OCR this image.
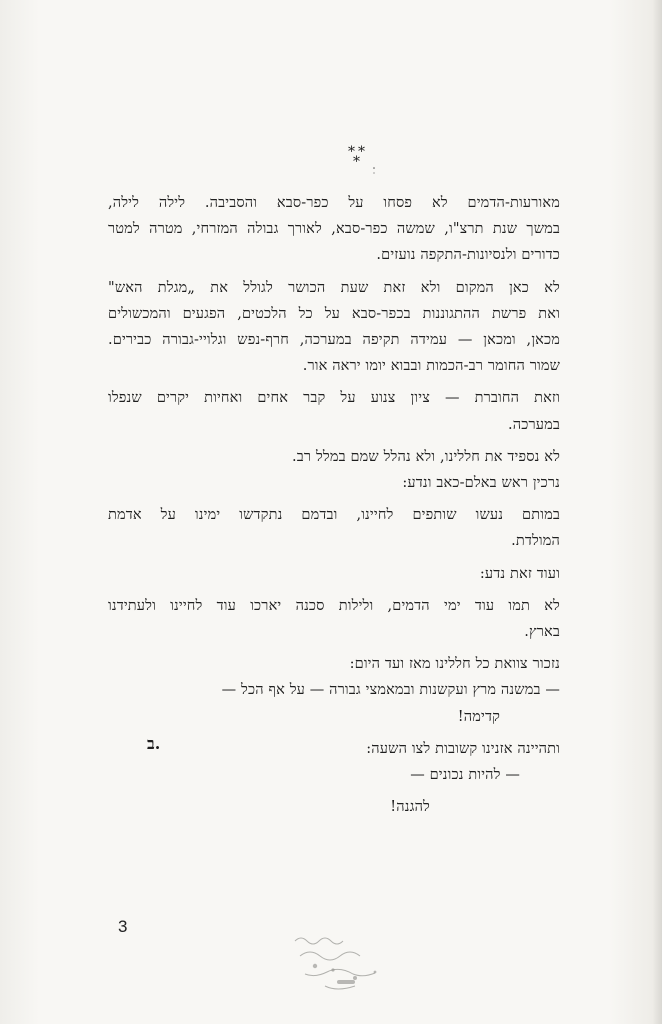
* *
*

מאורעות-הדמים לא פסחו על כפר-סבא והסביבה. לילה לילה,
במשך שנת תרצ"ו, שמשה כפר-סבא, לאורך גבולה המזרחי, מטרה למטר
כדורים ולנסיונות-התקפה נועזים.

לא כאן המקום ולא זאת שעת הכושר לגולל את „מגלת האש"
ואת פרשת ההתגוננות בכפר-סבא על כל הלכטים, הפגעים והמכשולים
מכאן, ומכאן — עמידה תקיפה במערכה, חרף-נפש וגלויי-גבורה כבירים.
שמור החומר רב-הכמות ובבוא יומו יראה אור.

וזאת החוברת — ציון צנוע על קבר אחים ואחיות יקרים שנפלו
במערכה.

לא נספיד את חללינו, ולא נהלל שמם במלל רב.

נרכין ראש באלם-כאב ונדע:

במותם נעשו שותפים לחיינו, ובדמם נתקדשו ימינו על אדמת
המולדת.

ועוד זאת נדע:

לא תמו עוד ימי הדמים, ולילות סכנה יארכו עוד לחיינו ולעתידנו
בארץ.

נזכור צוואת כל חללינו מאז ועד היום:
— במשנה מרץ ועקשנות ובמאמצי גבורה — על אף הכל —
קדימה!

ותהיינה אזנינו קשובות לצו השעה:
— להיות נכונים —

להגנה!

ב.
3
